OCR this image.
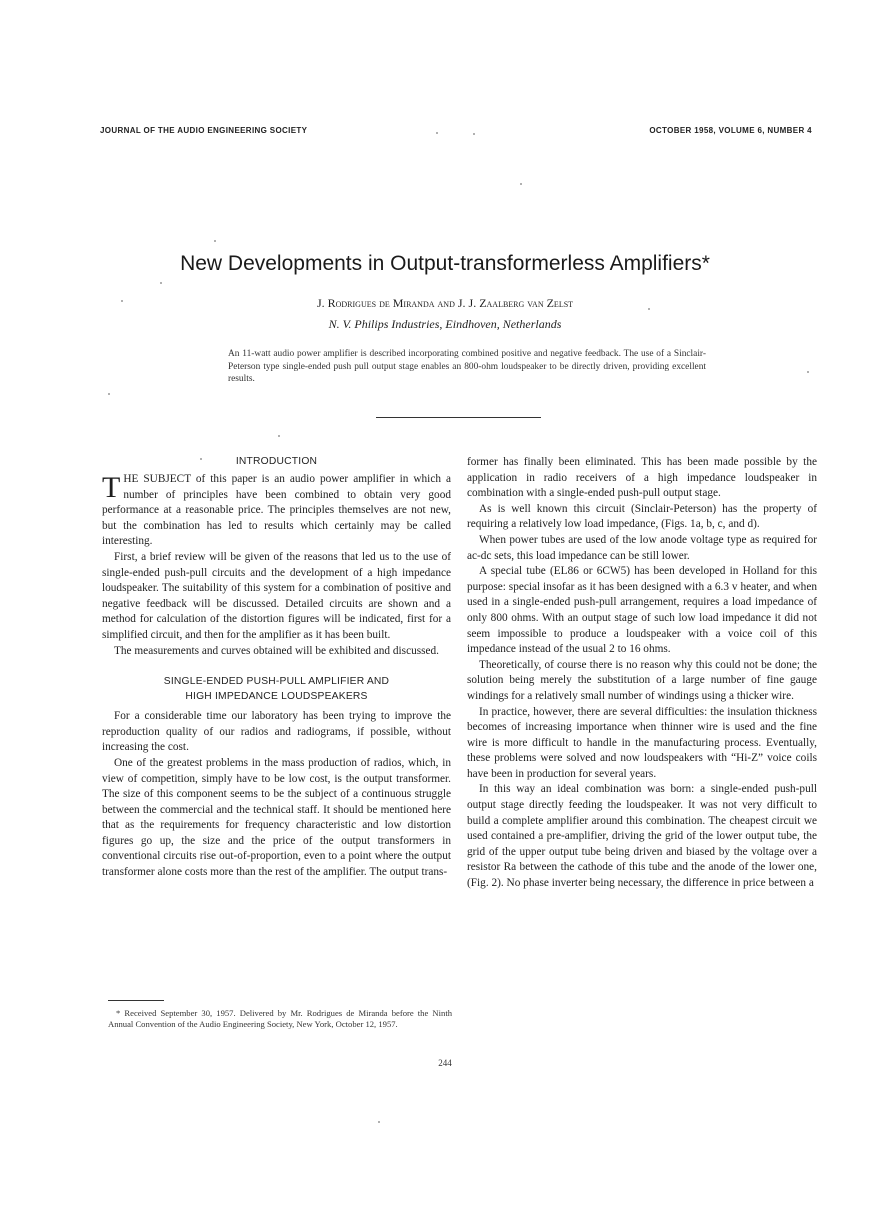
JOURNAL OF THE AUDIO ENGINEERING SOCIETY	OCTOBER 1958, VOLUME 6, NUMBER 4
New Developments in Output-transformerless Amplifiers*
J. Rodrigues de Miranda and J. J. Zaalberg van Zelst
N. V. Philips Industries, Eindhoven, Netherlands
An 11-watt audio power amplifier is described incorporating combined positive and negative feedback. The use of a Sinclair-Peterson type single-ended push pull output stage enables an 800-ohm loudspeaker to be directly driven, providing excellent results.
INTRODUCTION

THE SUBJECT of this paper is an audio power amplifier in which a number of principles have been combined to obtain very good performance at a reasonable price. The principles themselves are not new, but the combination has led to results which certainly may be called interesting.

First, a brief review will be given of the reasons that led us to the use of single-ended push-pull circuits and the development of a high impedance loudspeaker. The suitability of this system for a combination of positive and negative feedback will be discussed. Detailed circuits are shown and a method for calculation of the distortion figures will be indicated, first for a simplified circuit, and then for the amplifier as it has been built.

The measurements and curves obtained will be exhibited and discussed.

SINGLE-ENDED PUSH-PULL AMPLIFIER AND
HIGH IMPEDANCE LOUDSPEAKERS

For a considerable time our laboratory has been trying to improve the reproduction quality of our radios and radiograms, if possible, without increasing the cost.

One of the greatest problems in the mass production of radios, which, in view of competition, simply have to be low cost, is the output transformer. The size of this component seems to be the subject of a continuous struggle between the commercial and the technical staff. It should be mentioned here that as the requirements for frequency characteristic and low distortion figures go up, the size and the price of the output transformers in conventional circuits rise out-of-proportion, even to a point where the output transformer alone costs more than the rest of the amplifier. The output trans-

former has finally been eliminated. This has been made possible by the application in radio receivers of a high impedance loudspeaker in combination with a single-ended push-pull output stage.

As is well known this circuit (Sinclair-Peterson) has the property of requiring a relatively low load impedance, (Figs. 1a, b, c, and d).

When power tubes are used of the low anode voltage type as required for ac-dc sets, this load impedance can be still lower.

A special tube (EL86 or 6CW5) has been developed in Holland for this purpose: special insofar as it has been designed with a 6.3 v heater, and when used in a single-ended push-pull arrangement, requires a load impedance of only 800 ohms. With an output stage of such low load impedance it did not seem impossible to produce a loudspeaker with a voice coil of this impedance instead of the usual 2 to 16 ohms.

Theoretically, of course there is no reason why this could not be done; the solution being merely the substitution of a large number of fine gauge windings for a relatively small number of windings using a thicker wire.

In practice, however, there are several difficulties: the insulation thickness becomes of increasing importance when thinner wire is used and the fine wire is more difficult to handle in the manufacturing process. Eventually, these problems were solved and now loudspeakers with “Hi-Z” voice coils have been in production for several years.

In this way an ideal combination was born: a single-ended push-pull output stage directly feeding the loudspeaker. It was not very difficult to build a complete amplifier around this combination. The cheapest circuit we used contained a pre-amplifier, driving the grid of the lower output tube, the grid of the upper output tube being driven and biased by the voltage over a resistor Ra between the cathode of this tube and the anode of the lower one, (Fig. 2). No phase inverter being necessary, the difference in price between a

* Received September 30, 1957. Delivered by Mr. Rodrigues de Miranda before the Ninth Annual Convention of the Audio Engineering Society, New York, October 12, 1957.
244
